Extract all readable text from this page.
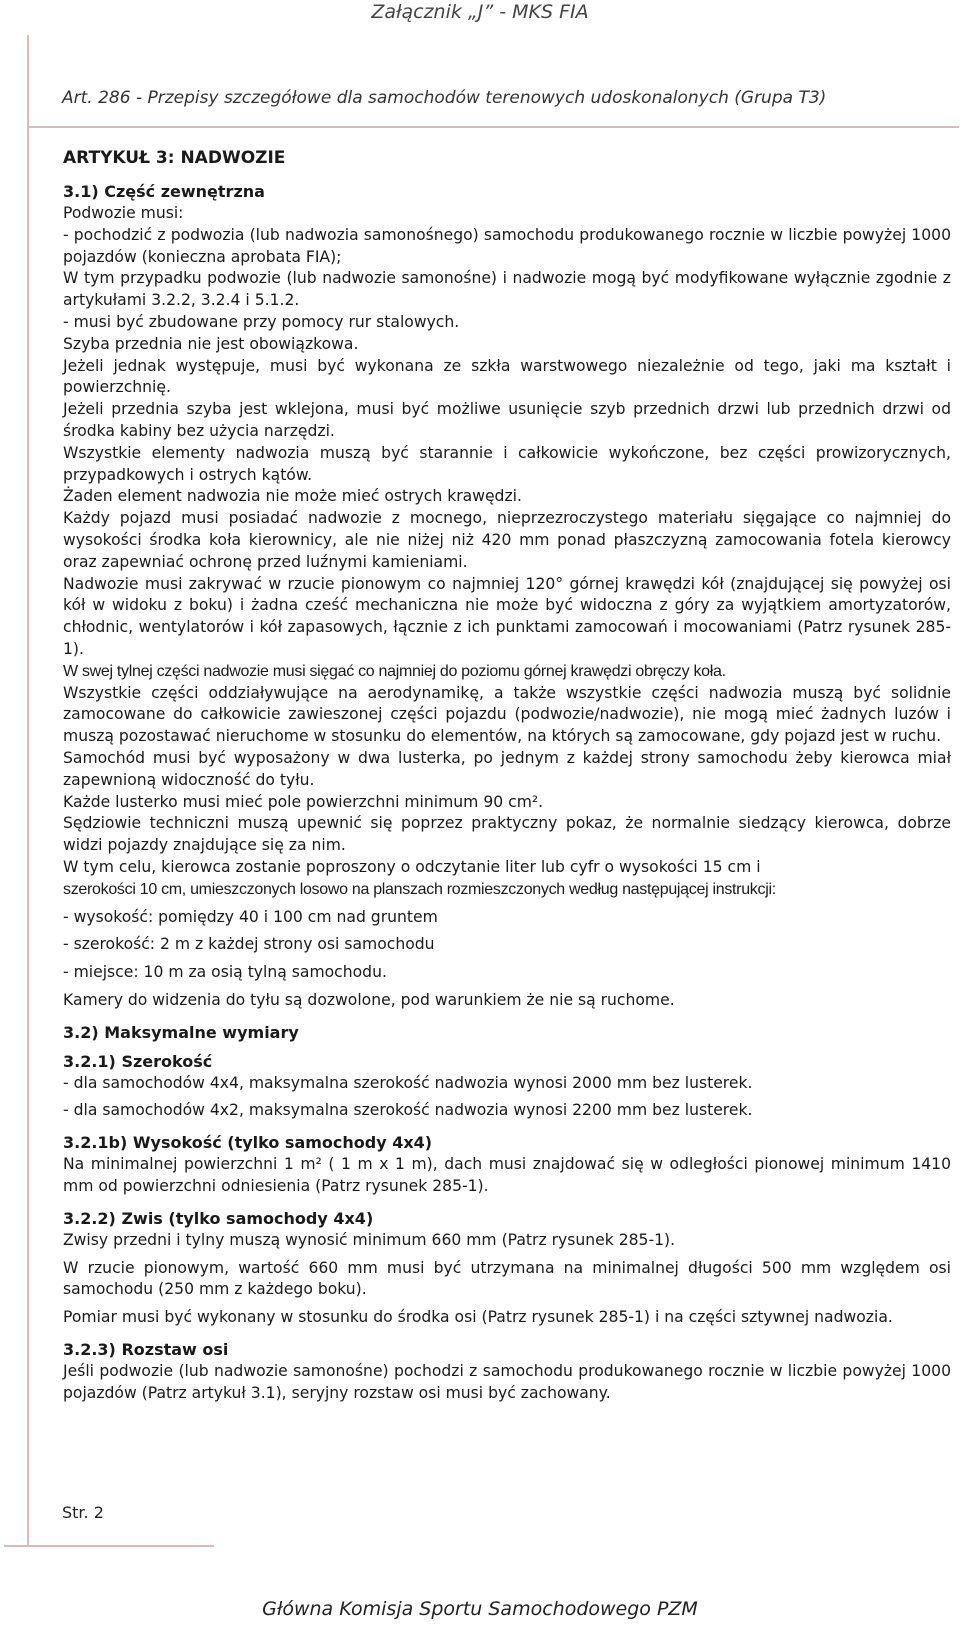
Załącznik „J” - MKS FIA
Art. 286 - Przepisy szczegółowe dla samochodów terenowych udoskonalonych (Grupa T3)
ARTYKUŁ 3: NADWOZIE
3.1) Część zewnętrzna

Podwozie musi:

- pochodzić z podwozia (lub nadwozia samonośnego) samochodu produkowanego rocznie w liczbie powyżej 1000 pojazdów (konieczna aprobata FIA);

W tym przypadku podwozie (lub nadwozie samonośne) i nadwozie mogą być modyfikowane wyłącznie zgodnie z artykułami 3.2.2, 3.2.4 i 5.1.2.

- musi być zbudowane przy pomocy rur stalowych.

Szyba przednia nie jest obowiązkowa.

Jeżeli jednak występuje, musi być wykonana ze szkła warstwowego niezależnie od tego, jaki ma kształt i powierzchnię.

Jeżeli przednia szyba jest wklejona, musi być możliwe usunięcie szyb przednich drzwi lub przednich drzwi od środka kabiny bez użycia narzędzi.

Wszystkie elementy nadwozia muszą być starannie i całkowicie wykończone, bez części prowizorycznych, przypadkowych i ostrych kątów.

Żaden element nadwozia nie może mieć ostrych krawędzi.

Każdy pojazd musi posiadać nadwozie z mocnego, nieprzezroczystego materiału sięgające co najmniej do wysokości środka koła kierownicy, ale nie niżej niż 420 mm ponad płaszczyzną zamocowania fotela kierowcy oraz zapewniać ochronę przed luźnymi kamieniami.

Nadwozie musi zakrywać w rzucie pionowym co najmniej 120° górnej krawędzi kół (znajdującej się powyżej osi kół w widoku z boku) i żadna cześć mechaniczna nie może być widoczna z góry za wyjątkiem amortyzatorów, chłodnic, wentylatorów i kół zapasowych, łącznie z ich punktami zamocowań i mocowaniami (Patrz rysunek 285-1).

W swej tylnej części nadwozie musi sięgać co najmniej do poziomu górnej krawędzi obręczy koła.

Wszystkie części oddziaływujące na aerodynamikę, a także wszystkie części nadwozia muszą być solidnie zamocowane do całkowicie zawieszonej części pojazdu (podwozie/nadwozie), nie mogą mieć żadnych luzów i muszą pozostawać nieruchome w stosunku do elementów, na których są zamocowane, gdy pojazd jest w ruchu.

Samochód musi być wyposażony w dwa lusterka, po jednym z każdej strony samochodu żeby kierowca miał zapewnioną widoczność do tyłu.

Każde lusterko musi mieć pole powierzchni minimum 90 cm².

Sędziowie techniczni muszą upewnić się poprzez praktyczny pokaz, że normalnie siedzący kierowca, dobrze widzi pojazdy znajdujące się za nim.

W tym celu, kierowca zostanie poproszony o odczytanie liter lub cyfr o wysokości 15 cm i

szerokości 10 cm, umieszczonych losowo na planszach rozmieszczonych według następującej instrukcji:

- wysokość: pomiędzy 40 i 100 cm nad gruntem

- szerokość: 2 m z każdej strony osi samochodu

- miejsce: 10 m za osią tylną samochodu.

Kamery do widzenia do tyłu są dozwolone, pod warunkiem że nie są ruchome.

3.2) Maksymalne wymiary
3.2.1) Szerokość

- dla samochodów 4x4, maksymalna szerokość nadwozia wynosi 2000 mm bez lusterek.

- dla samochodów 4x2, maksymalna szerokość nadwozia wynosi 2200 mm bez lusterek.

3.2.1b) Wysokość (tylko samochody 4x4)

Na minimalnej powierzchni 1 m² ( 1 m x 1 m), dach musi znajdować się w odległości pionowej minimum 1410 mm od powierzchni odniesienia (Patrz rysunek 285-1).

3.2.2) Zwis (tylko samochody 4x4)

Zwisy przedni i tylny muszą wynosić minimum 660 mm (Patrz rysunek 285-1).

W rzucie pionowym, wartość 660 mm musi być utrzymana na minimalnej długości 500 mm względem osi samochodu (250 mm z każdego boku).

Pomiar musi być wykonany w stosunku do środka osi (Patrz rysunek 285-1) i na części sztywnej nadwozia.

3.2.3) Rozstaw osi

Jeśli podwozie (lub nadwozie samonośne) pochodzi z samochodu produkowanego rocznie w liczbie powyżej 1000 pojazdów (Patrz artykuł 3.1), seryjny rozstaw osi musi być zachowany.

Str. 2
Główna Komisja Sportu Samochodowego PZM
